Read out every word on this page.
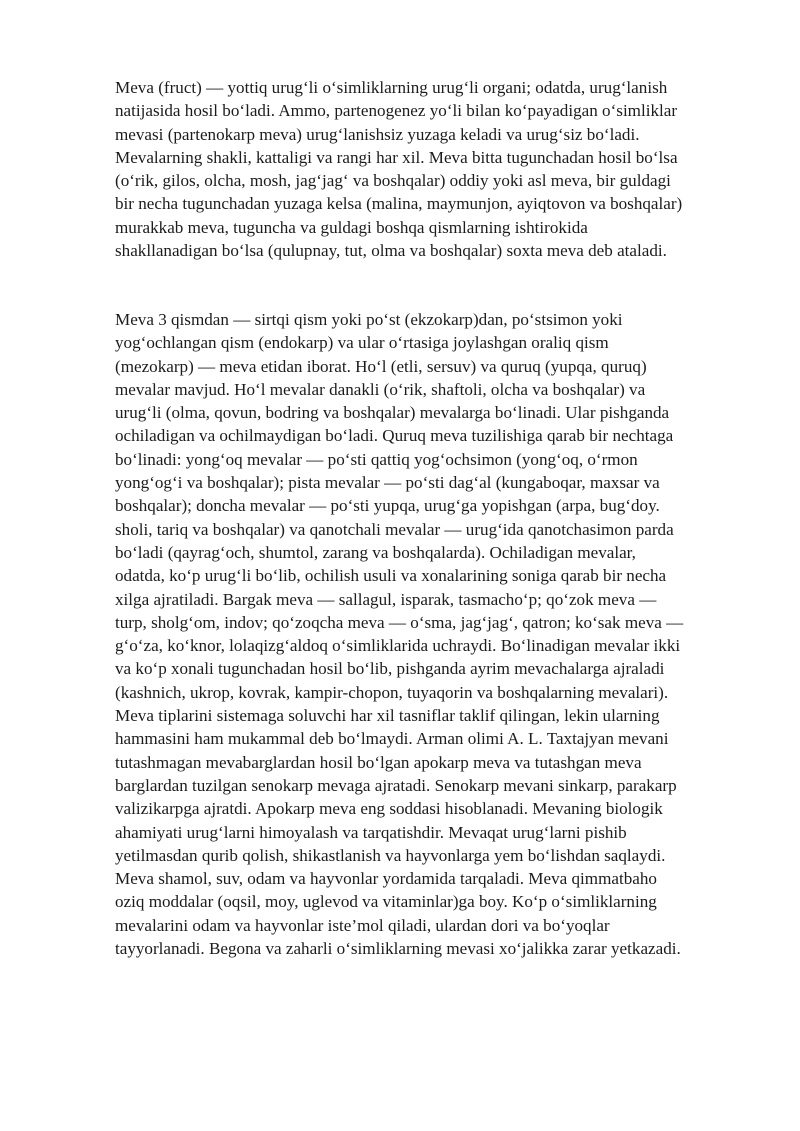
Meva (fruct) — yottiq urug‘li o‘simliklarning urug‘li organi; odatda, urug‘lanish
natijasida hosil bo‘ladi. Ammo, partenogenez yo‘li bilan ko‘payadigan o‘simliklar
mevasi (partenokarp meva) urug‘lanishsiz yuzaga keladi va urug‘siz bo‘ladi.
Mevalarning shakli, kattaligi va rangi har xil. Meva bitta tugunchadan hosil bo‘lsa
(o‘rik, gilos, olcha, mosh, jag‘jag‘ va boshqalar) oddiy yoki asl meva, bir guldagi
bir necha tugunchadan yuzaga kelsa (malina, maymunjon, ayiqtovon va boshqalar)
murakkab meva, tuguncha va guldagi boshqa qismlarning ishtirokida
shakllanadigan bo‘lsa (qulupnay, tut, olma va boshqalar) soxta meva deb ataladi.

Meva 3 qismdan — sirtqi qism yoki po‘st (ekzokarp)dan, po‘stsimon yoki
yog‘ochlangan qism (endokarp) va ular o‘rtasiga joylashgan oraliq qism
(mezokarp) — meva etidan iborat. Ho‘l (etli, sersuv) va quruq (yupqa, quruq)
mevalar mavjud. Ho‘l mevalar danakli (o‘rik, shaftoli, olcha va boshqalar) va
urug‘li (olma, qovun, bodring va boshqalar) mevalarga bo‘linadi. Ular pishganda
ochiladigan va ochilmaydigan bo‘ladi. Quruq meva tuzilishiga qarab bir nechtaga
bo‘linadi: yong‘oq mevalar — po‘sti qattiq yog‘ochsimon (yong‘oq, o‘rmon
yong‘og‘i va boshqalar); pista mevalar — po‘sti dag‘al (kungaboqar, maxsar va
boshqalar); doncha mevalar — po‘sti yupqa, urug‘ga yopishgan (arpa, bug‘doy.
sholi, tariq va boshqalar) va qanotchali mevalar — urug‘ida qanotchasimon parda
bo‘ladi (qayrag‘och, shumtol, zarang va boshqalarda). Ochiladigan mevalar,
odatda, ko‘p urug‘li bo‘lib, ochilish usuli va xonalarining soniga qarab bir necha
xilga ajratiladi. Bargak meva — sallagul, isparak, tasmacho‘p; qo‘zok meva —
turp, sholg‘om, indov; qo‘zoqcha meva — o‘sma, jag‘jag‘, qatron; ko‘sak meva —
g‘o‘za, ko‘knor, lolaqizg‘aldoq o‘simliklarida uchraydi. Bo‘linadigan mevalar ikki
va ko‘p xonali tugunchadan hosil bo‘lib, pishganda ayrim mevachalarga ajraladi
(kashnich, ukrop, kovrak, kampir-chopon, tuyaqorin va boshqalarning mevalari).
Meva tiplarini sistemaga soluvchi har xil tasniflar taklif qilingan, lekin ularning
hammasini ham mukammal deb bo‘lmaydi. Arman olimi A. L. Taxtajyan mevani
tutashmagan mevabarglardan hosil bo‘lgan apokarp meva va tutashgan meva
barglardan tuzilgan senokarp mevaga ajratadi. Senokarp mevani sinkarp, parakarp
valizikarpga ajratdi. Apokarp meva eng soddasi hisoblanadi. Mevaning biologik
ahamiyati urug‘larni himoyalash va tarqatishdir. Mevaqat urug‘larni pishib
yetilmasdan qurib qolish, shikastlanish va hayvonlarga yem bo‘lishdan saqlaydi.
Meva shamol, suv, odam va hayvonlar yordamida tarqaladi. Meva qimmatbaho
oziq moddalar (oqsil, moy, uglevod va vitaminlar)ga boy. Ko‘p o‘simliklarning
mevalarini odam va hayvonlar iste’mol qiladi, ulardan dori va bo‘yoqlar
tayyorlanadi. Begona va zaharli o‘simliklarning mevasi xo‘jalikka zarar yetkazadi.
